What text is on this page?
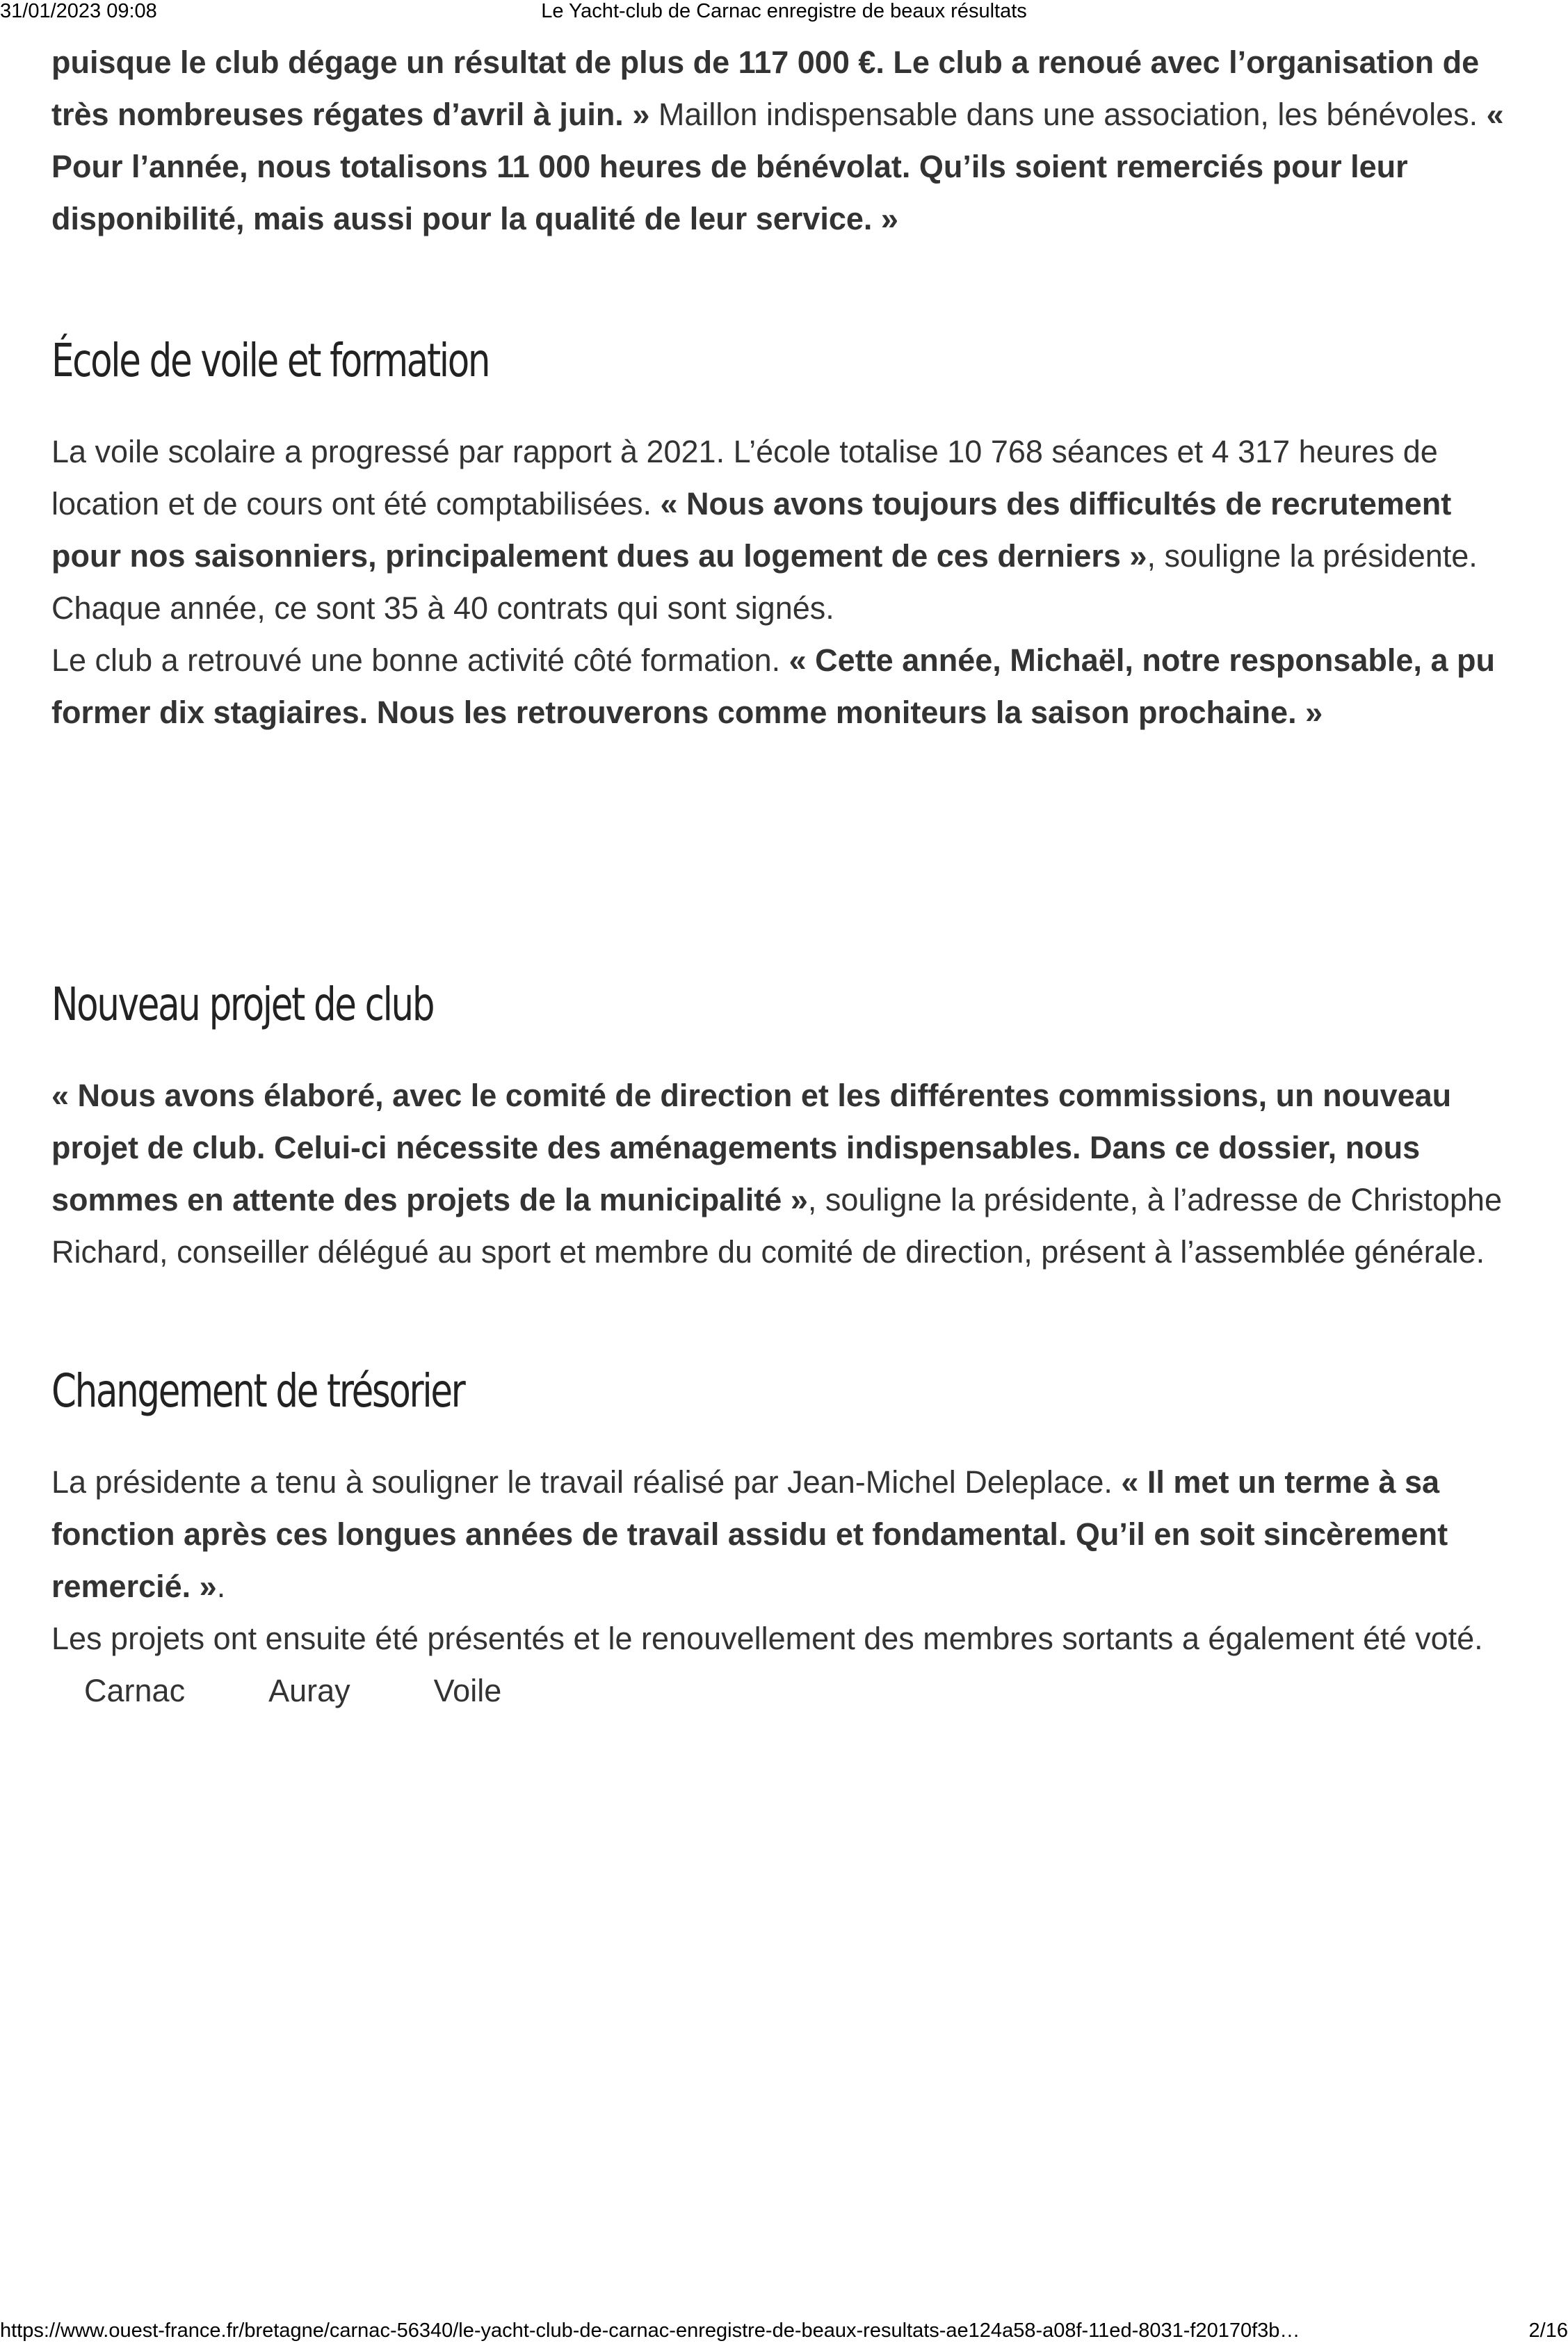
31/01/2023 09:08	Le Yacht-club de Carnac enregistre de beaux résultats

puisque le club dégage un résultat de plus de 117 000 €. Le club a renoué avec l’organisation de très nombreuses régates d’avril à juin. » Maillon indispensable dans une association, les bénévoles. « Pour l’année, nous totalisons 11 000 heures de bénévolat. Qu’ils soient remerciés pour leur disponibilité, mais aussi pour la qualité de leur service. »

École de voile et formation

La voile scolaire a progressé par rapport à 2021. L’école totalise 10 768 séances et 4 317 heures de location et de cours ont été comptabilisées. « Nous avons toujours des difficultés de recrutement pour nos saisonniers, principalement dues au logement de ces derniers », souligne la présidente. Chaque année, ce sont 35 à 40 contrats qui sont signés.

Le club a retrouvé une bonne activité côté formation. « Cette année, Michaël, notre responsable, a pu former dix stagiaires. Nous les retrouverons comme moniteurs la saison prochaine. »

Nouveau projet de club

« Nous avons élaboré, avec le comité de direction et les différentes commissions, un nouveau projet de club. Celui-ci nécessite des aménagements indispensables. Dans ce dossier, nous sommes en attente des projets de la municipalité », souligne la présidente, à l’adresse de Christophe Richard, conseiller délégué au sport et membre du comité de direction, présent à l’assemblée générale.

Changement de trésorier

La présidente a tenu à souligner le travail réalisé par Jean-Michel Deleplace. « Il met un terme à sa fonction après ces longues années de travail assidu et fondamental. Qu’il en soit sincèrement remercié. ».

Les projets ont ensuite été présentés et le renouvellement des membres sortants a également été voté.

Carnac	Auray	Voile
https://www.ouest-france.fr/bretagne/carnac-56340/le-yacht-club-de-carnac-enregistre-de-beaux-resultats-ae124a58-a08f-11ed-8031-f20170f3b…	2/16
